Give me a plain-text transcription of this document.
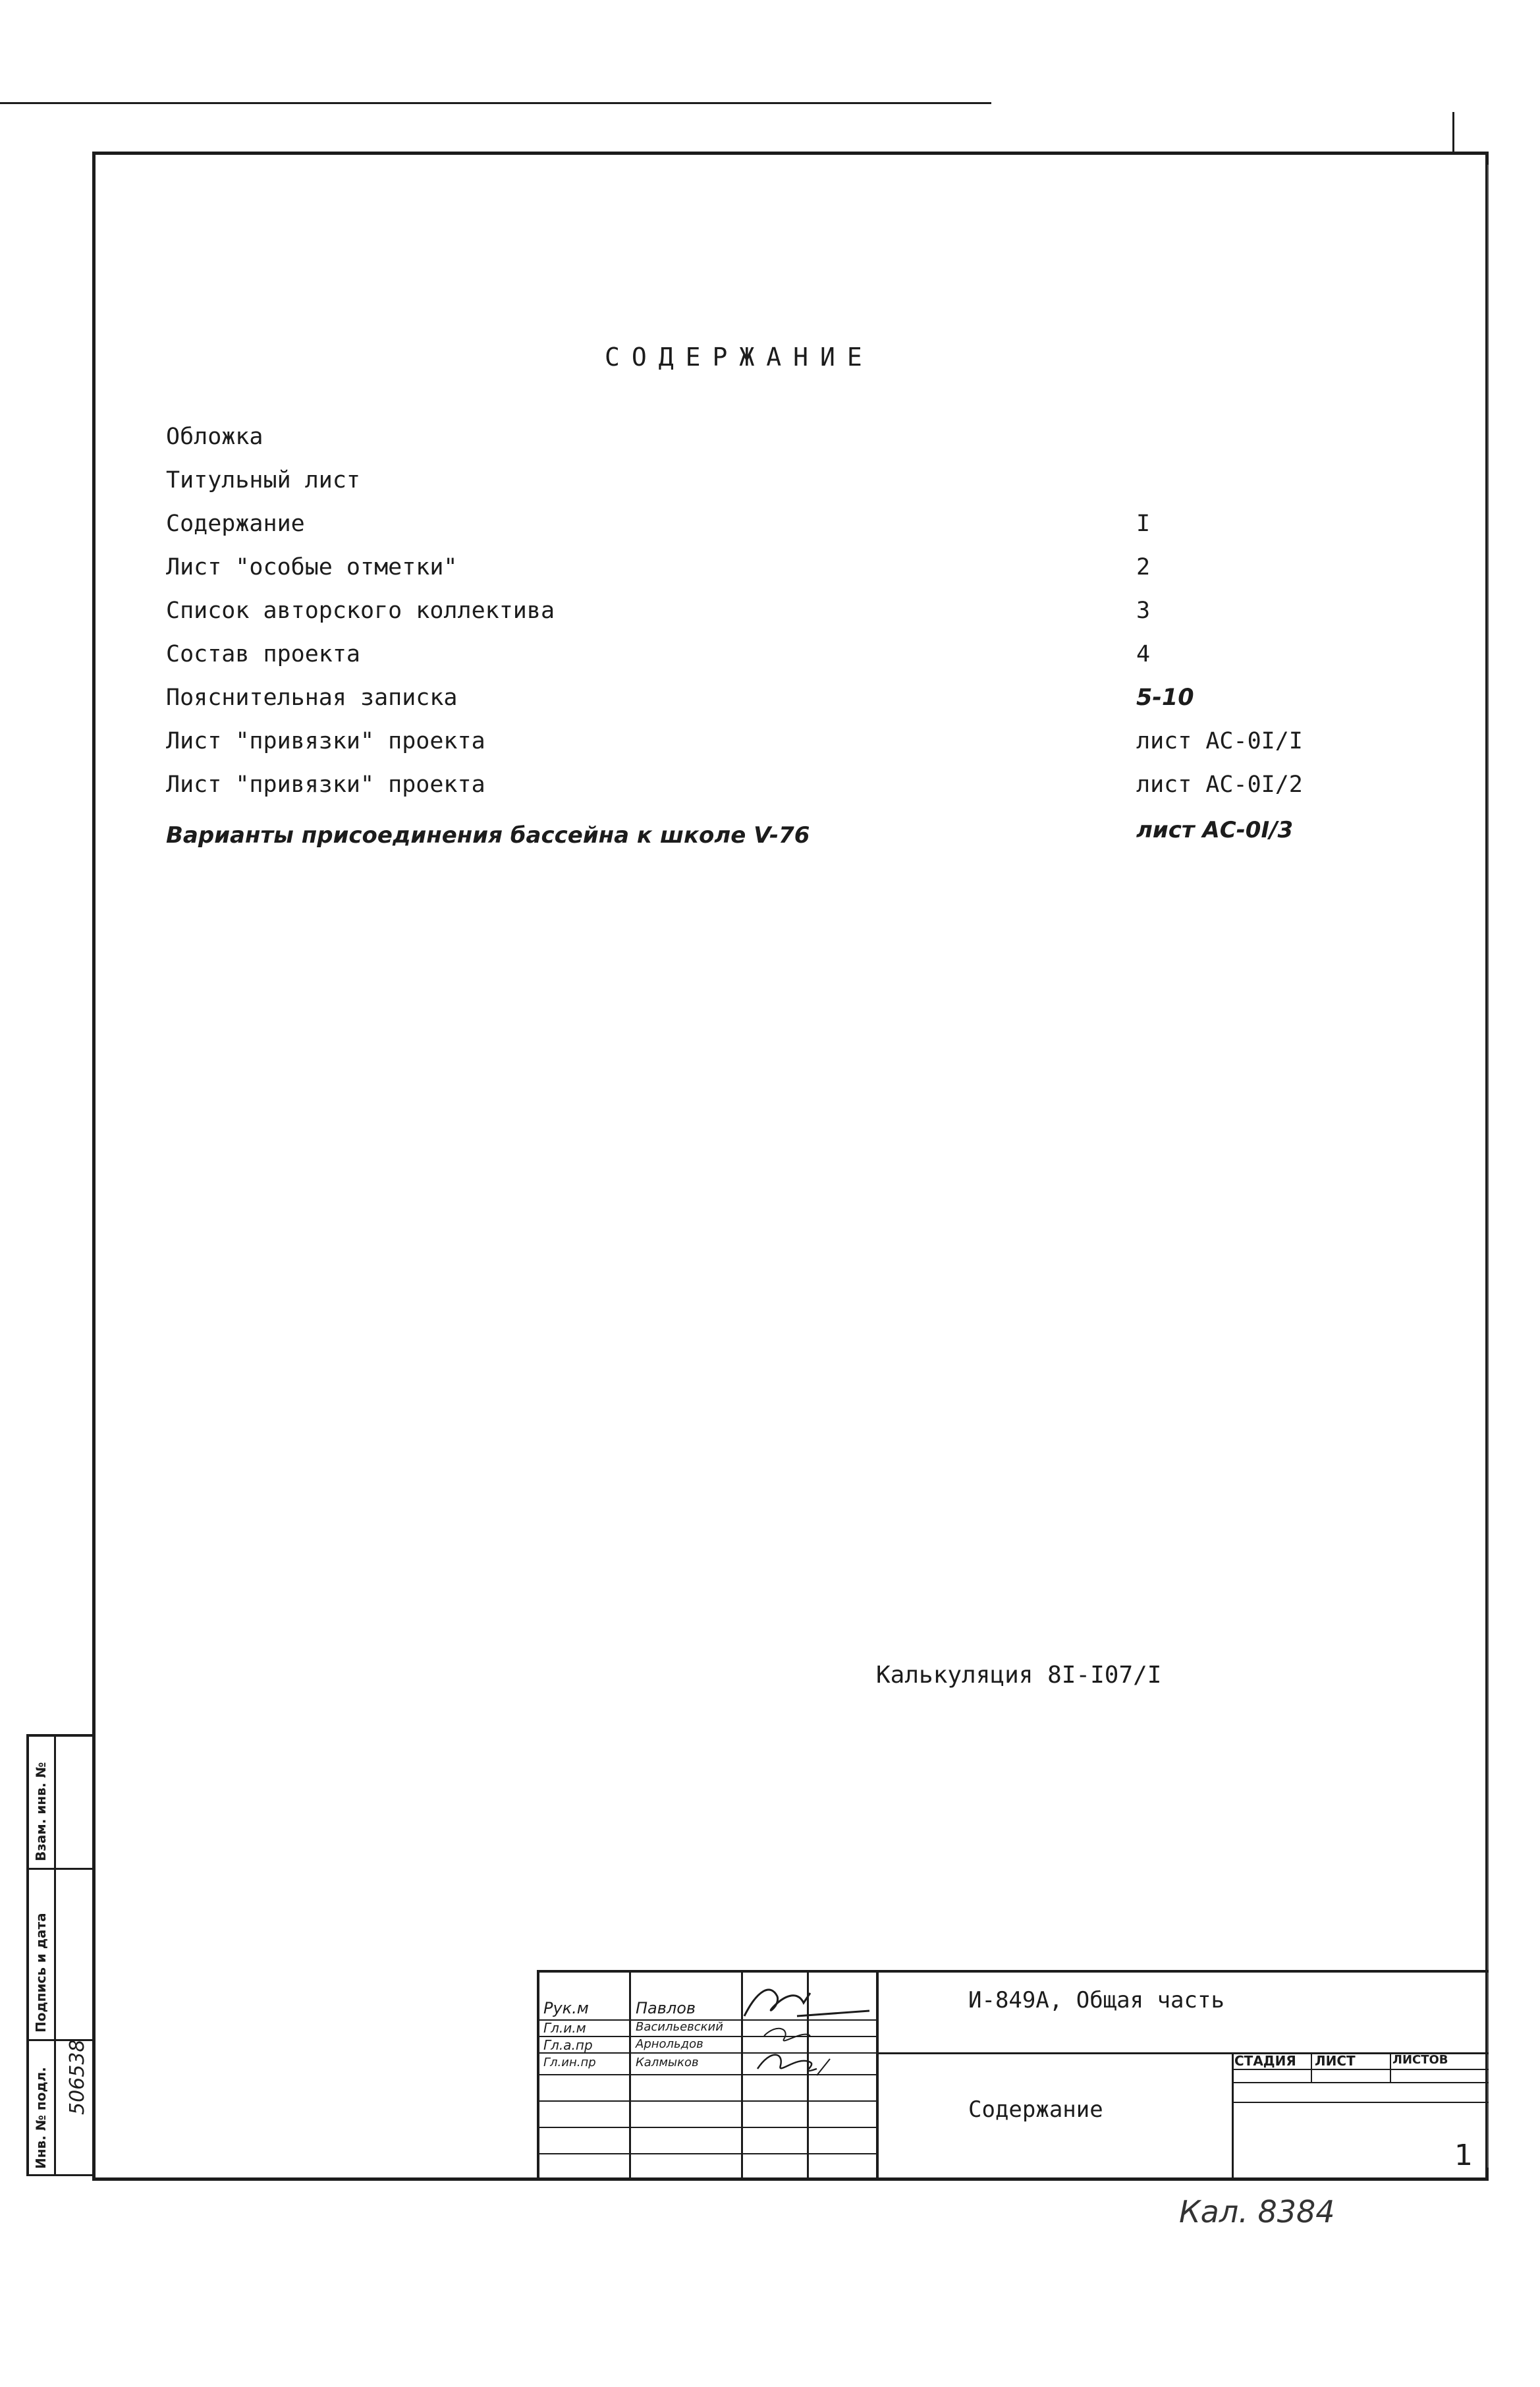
СОДЕРЖАНИЕ
Обложка
Титульный лист
Содержание	I
Лист "особые отметки"	2
Список авторского коллектива	3
Состав проекта	4
Пояснительная записка	5-10
Лист "привязки" проекта	лист АС-0I/I
Лист "привязки" проекта	лист АС-0I/2
Варианты присоединения бассейна к школе V-76	лист АС-0I/3
Калькуляция 8I-I07/I
Рук.м	Павлов
Гл.и.м	Васильевский
Гл.а.пр	Арнольдов
Гл.ин.пр	Калмыков
И-849А, Общая часть
Содержание
СТАДИЯ ЛИСТ	ЛИСТОВ
1
Взам. инв. №
Подпись и дата
Инв. № подл. 506538
Кал. 8384
